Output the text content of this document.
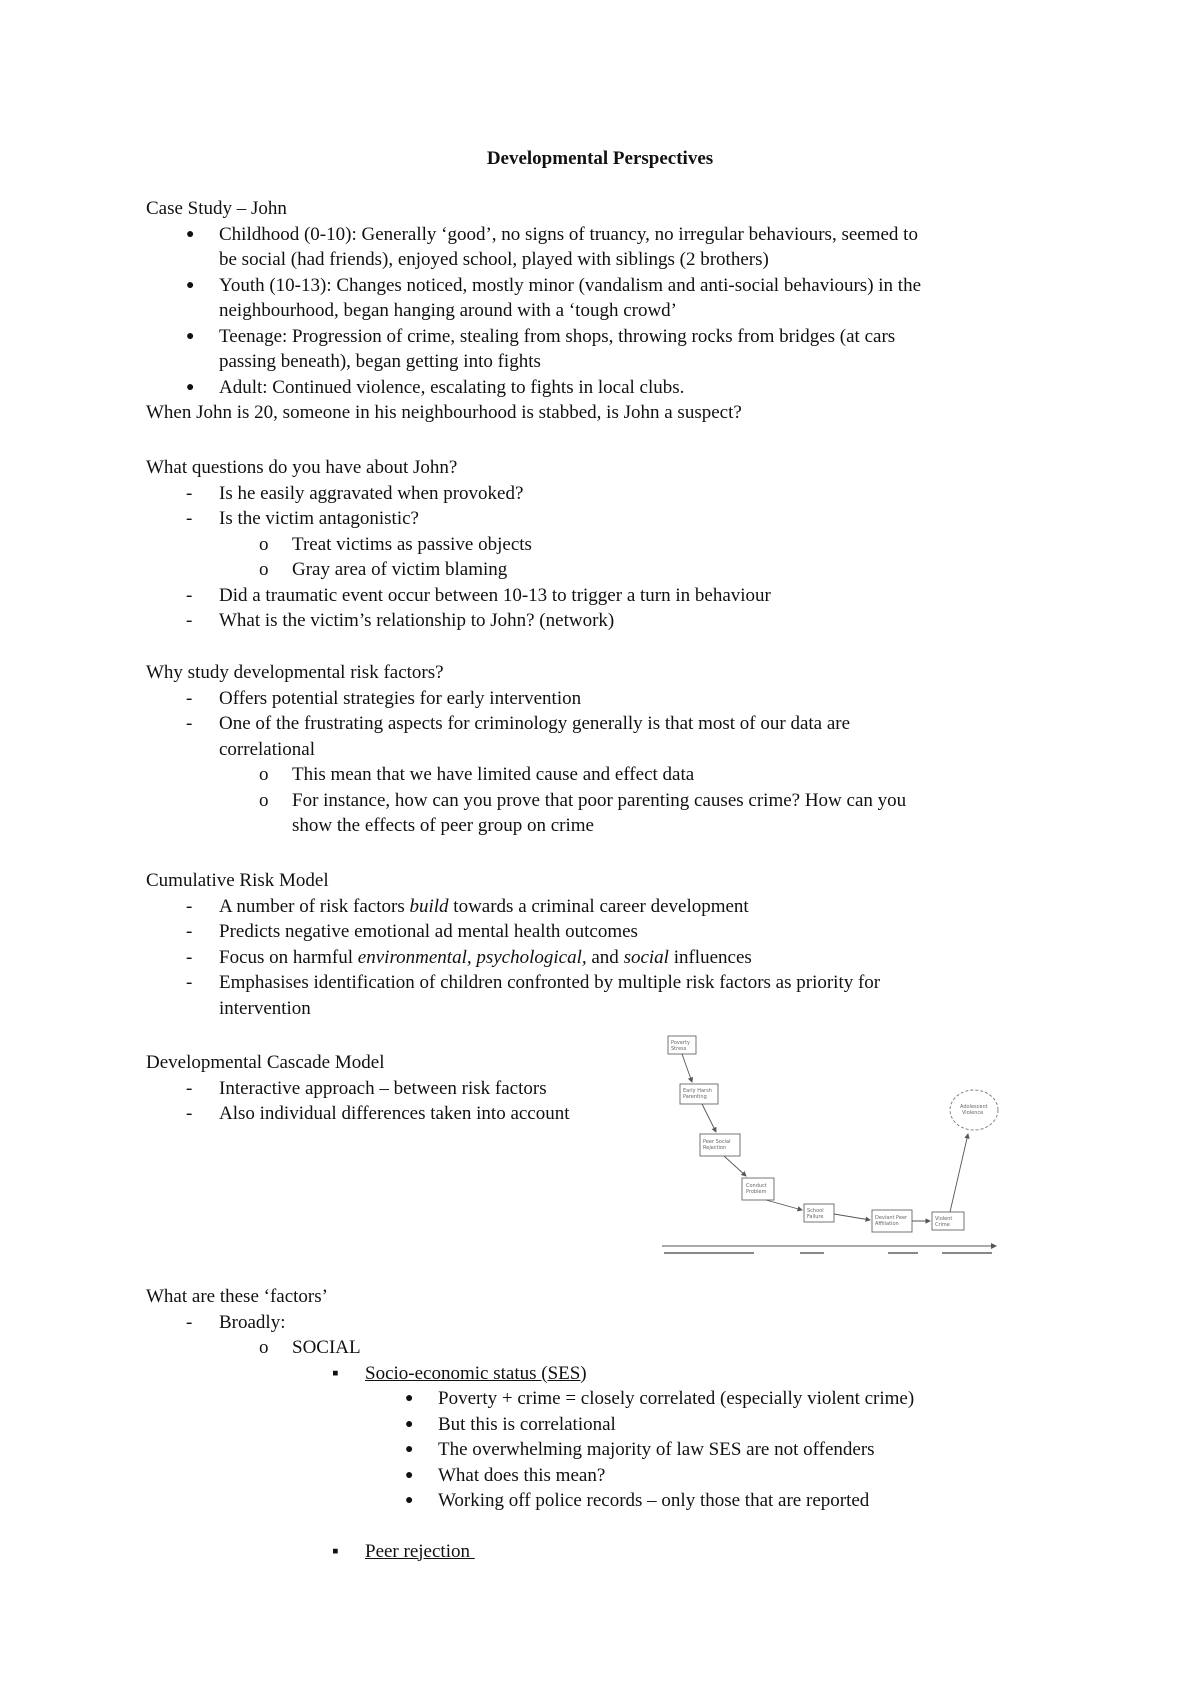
Developmental Perspectives
Case Study – John
● Childhood (0-10): Generally ‘good’, no signs of truancy, no irregular behaviours, seemed to
be social (had friends), enjoyed school, played with siblings (2 brothers)
● Youth (10-13): Changes noticed, mostly minor (vandalism and anti-social behaviours) in the
neighbourhood, began hanging around with a ‘tough crowd’
● Teenage: Progression of crime, stealing from shops, throwing rocks from bridges (at cars
passing beneath), began getting into fights
● Adult: Continued violence, escalating to fights in local clubs.
When John is 20, someone in his neighbourhood is stabbed, is John a suspect?
What questions do you have about John?
- Is he easily aggravated when provoked?
- Is the victim antagonistic?
o Treat victims as passive objects
o Gray area of victim blaming
- Did a traumatic event occur between 10-13 to trigger a turn in behaviour
- What is the victim’s relationship to John? (network)
Why study developmental risk factors?
- Offers potential strategies for early intervention
- One of the frustrating aspects for criminology generally is that most of our data are
correlational
o This mean that we have limited cause and effect data
o For instance, how can you prove that poor parenting causes crime? How can you
show the effects of peer group on crime
Cumulative Risk Model
- A number of risk factors build towards a criminal career development
- Predicts negative emotional ad mental health outcomes
- Focus on harmful environmental, psychological, and social influences
- Emphasises identification of children confronted by multiple risk factors as priority for
intervention
Developmental Cascade Model
- Interactive approach – between risk factors
- Also individual differences taken into account
Poverty
Stress
Early Harsh
Parenting
Peer Social
Rejection
Conduct
Problem
School
Failure	Deviant Peer
Affiliation
Violent
Crime
Adolescent
Violence
What are these ‘factors’
- Broadly:
o SOCIAL
▪ Socio-economic status (SES)
● Poverty + crime = closely correlated (especially violent crime)
● But this is correlational
● The overwhelming majority of law SES are not offenders
● What does this mean?
● Working off police records – only those that are reported
▪ Peer rejection
